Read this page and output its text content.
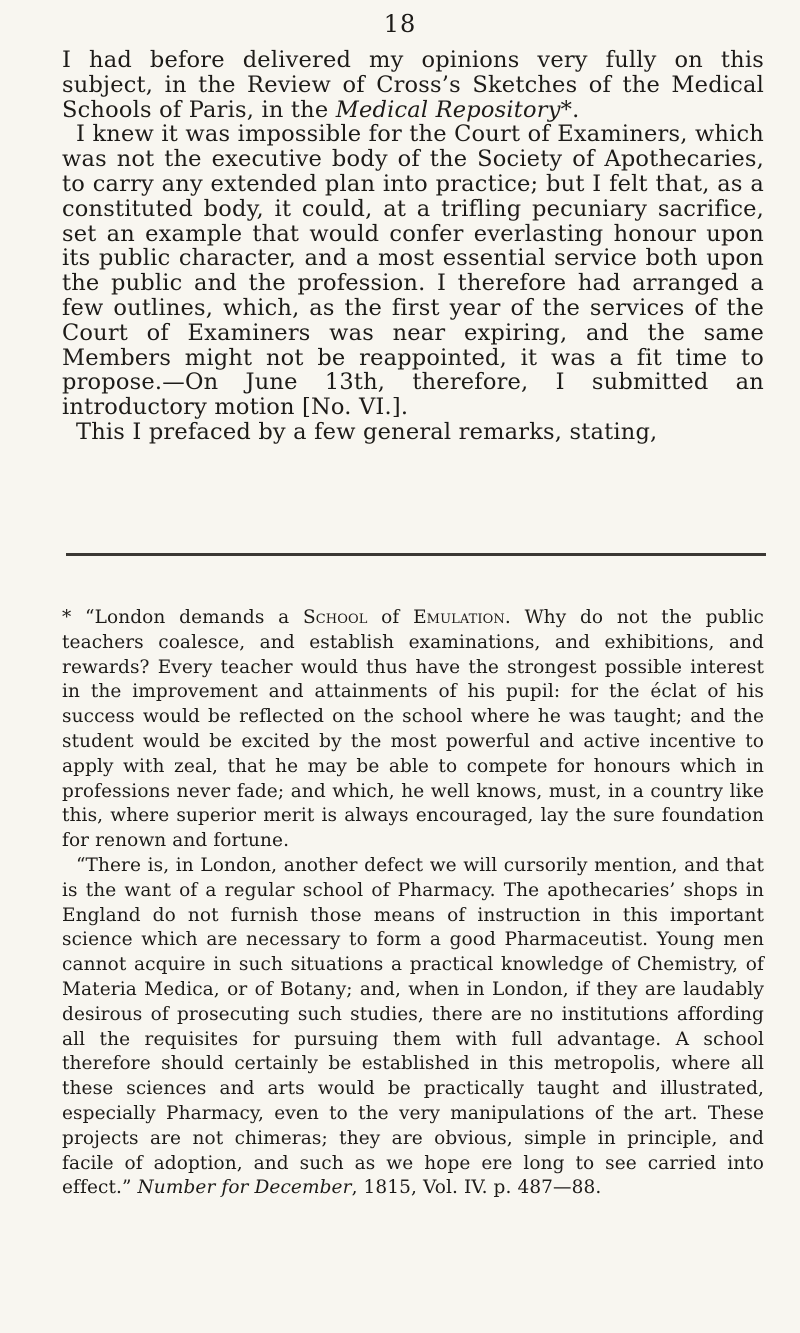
18

I had before delivered my opinions very fully on this subject, in the Review of Cross’s Sketches of the Medical Schools of Paris, in the Medical Repository*.

I knew it was impossible for the Court of Examiners, which was not the executive body of the Society of Apothecaries, to carry any extended plan into practice; but I felt that, as a constituted body, it could, at a trifling pecuniary sacrifice, set an example that would confer everlasting honour upon its public character, and a most essential service both upon the public and the profession. I therefore had arranged a few outlines, which, as the first year of the services of the Court of Examiners was near expiring, and the same Members might not be reappointed, it was a fit time to propose.—On June 13th, therefore, I submitted an introductory motion [No. VI.].

This I prefaced by a few general remarks, stating,

* “London demands a School of Emulation. Why do not the public teachers coalesce, and establish examinations, and exhibitions, and rewards? Every teacher would thus have the strongest possible interest in the improvement and attainments of his pupil: for the éclat of his success would be reflected on the school where he was taught; and the student would be excited by the most powerful and active incentive to apply with zeal, that he may be able to compete for honours which in professions never fade; and which, he well knows, must, in a country like this, where superior merit is always encouraged, lay the sure foundation for renown and fortune.

“There is, in London, another defect we will cursorily mention, and that is the want of a regular school of Pharmacy. The apothecaries’ shops in England do not furnish those means of instruction in this important science which are necessary to form a good Pharmaceutist. Young men cannot acquire in such situations a practical knowledge of Chemistry, of Materia Medica, or of Botany; and, when in London, if they are laudably desirous of prosecuting such studies, there are no institutions affording all the requisites for pursuing them with full advantage. A school therefore should certainly be established in this metropolis, where all these sciences and arts would be practically taught and illustrated, especially Pharmacy, even to the very manipulations of the art. These projects are not chimeras; they are obvious, simple in principle, and facile of adoption, and such as we hope ere long to see carried into effect.” Number for December, 1815, Vol. IV. p. 487—88.
